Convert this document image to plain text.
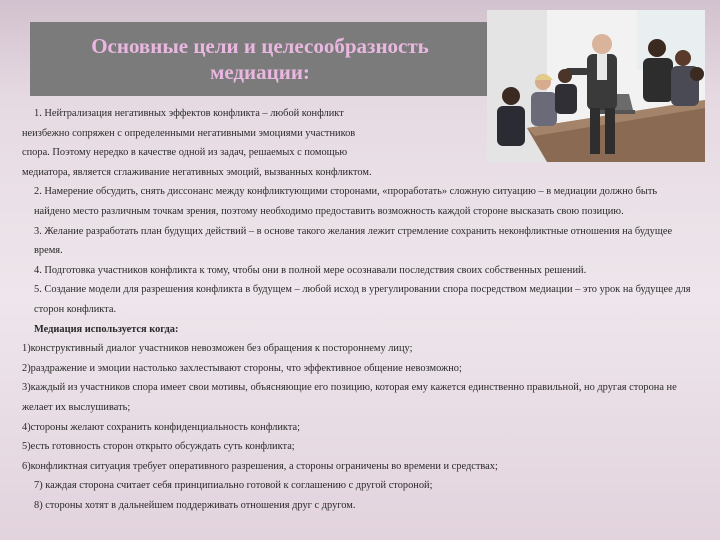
Основные цели и целесообразность медиации:

1. Нейтрализация негативных эффектов конфликта – любой конфликт

неизбежно сопряжен с определенными негативными эмоциями участников

спора. Поэтому нередко в качестве одной из задач, решаемых с помощью

медиатора, является сглаживание негативных эмоций, вызванных конфликтом.

2. Намерение обсудить, снять диссонанс между конфликтующими сторонами, «проработать» сложную ситуацию – в медиации должно быть найдено место различным точкам зрения, поэтому необходимо предоставить возможность каждой стороне высказать свою позицию.

3. Желание разработать план будущих действий – в основе такого желания лежит стремление сохранить неконфликтные отношения на будущее время.

4. Подготовка участников конфликта к тому, чтобы они в полной мере осознавали последствия своих собственных решений.

5. Создание модели для разрешения конфликта в будущем – любой исход в урегулировании спора посредством медиации – это урок на будущее для сторон конфликта.

Медиация используется когда:

1)конструктивный диалог участников невозможен без обращения к постороннему лицу;

2)раздражение и эмоции настолько захлестывают стороны, что эффективное общение невозможно;

3)каждый из участников спора имеет свои мотивы, объясняющие его позицию, которая ему кажется единственно правильной, но другая сторона не желает их выслушивать;

4)стороны желают сохранить конфиденциальность конфликта;

5)есть готовность сторон открыто обсуждать суть конфликта;

6)конфликтная ситуация требует оперативного разрешения, а стороны ограничены во времени и средствах;

7) каждая сторона считает себя принципиально готовой к соглашению с другой стороной;

8) стороны хотят в дальнейшем поддерживать отношения друг с другом.
